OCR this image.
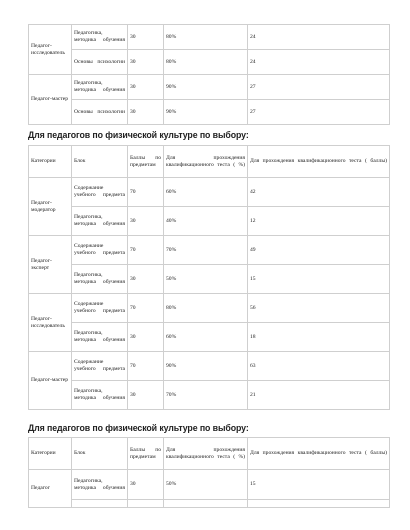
Педагог-исследователь	Педагогика, методика обучения	30	80%	24
	Основы психологии	30	80%	24
Педагог-мастер	Педагогика, методика обучения	30	90%	27
	Основы психологии	30	90%	27
Для педагогов по физической культуре по выбору:
Категории	Блок	Баллы по предметам	Для прохождения квалификационного теста ( %)	Для прохождения квалификационного теста ( баллы)
Педагог-модератор	Содержание учебного предмета	70	60%	42
	Педагогика, методика обучения	30	40%	12
Педагог-эксперт	Содержание учебного предмета	70	70%	49
	Педагогика, методика обучения	30	50%	15
Педагог-исследователь	Содержание учебного предмета	70	80%	56
	Педагогика, методика обучения	30	60%	18
Педагог-мастер	Содержание учебного предмета	70	90%	63
	Педагогика, методика обучения	30	70%	21
Для педагогов по физической культуре по выбору:
Категории	Блок	Баллы по предметам	Для прохождения квалификационного теста ( %)	Для прохождения квалификационного теста ( баллы)
Педагог	Педагогика, методика обучения	30	50%	15
